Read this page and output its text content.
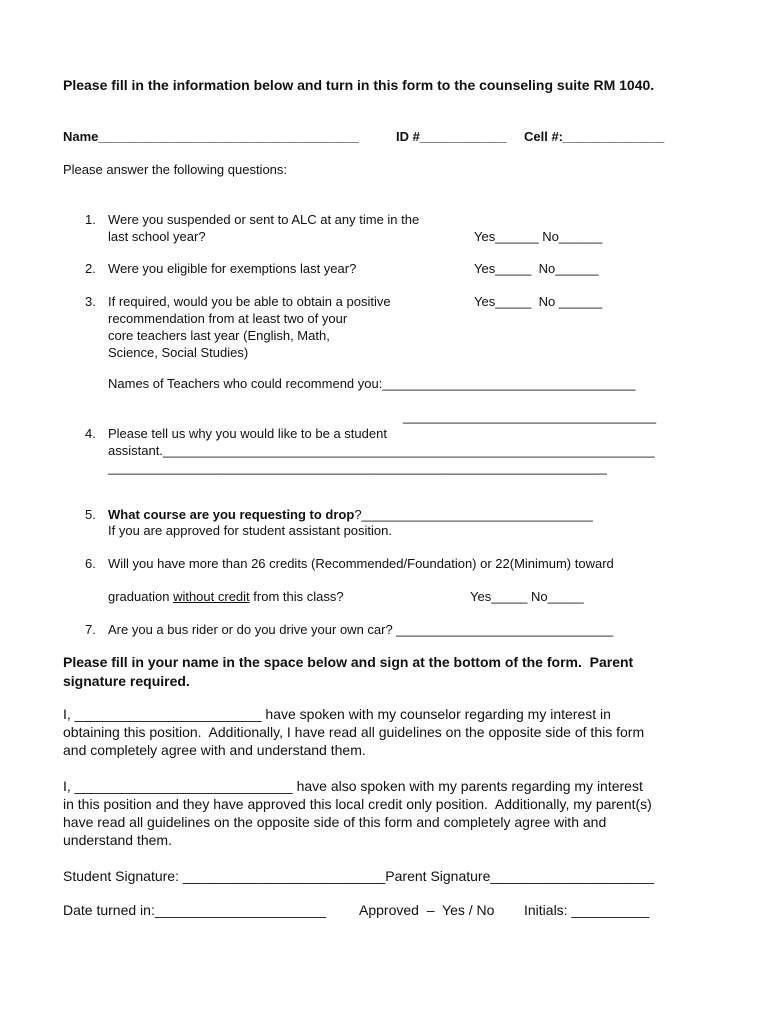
Please fill in the information below and turn in this form to the counseling suite RM 1040.
Name____________________________________	ID #____________ Cell #:______________
Please answer the following questions:
1. Were you suspended or sent to ALC at any time in the
last school year?	Yes______ No______
2. Were you eligible for exemptions last year?	Yes_____  No______
3. If required, would you be able to obtain a positive
recommendation from at least two of your
core teachers last year (English, Math,
Science, Social Studies)
Yes_____  No ______
Names of Teachers who could recommend you:___________________________________
___________________________________
4. Please tell us why you would like to be a student
assistant.____________________________________________________________________
_____________________________________________________________________
5. What course are you requesting to drop?________________________________
If you are approved for student assistant position.
6. Will you have more than 26 credits (Recommended/Foundation) or 22(Minimum) toward
graduation without credit from this class?	Yes_____ No_____
7. Are you a bus rider or do you drive your own car? ______________________________
Please fill in your name in the space below and sign at the bottom of the form.  Parent
signature required.
I, ________________________ have spoken with my counselor regarding my interest in
obtaining this position.  Additionally, I have read all guidelines on the opposite side of this form
and completely agree with and understand them.
I, ____________________________ have also spoken with my parents regarding my interest
in this position and they have approved this local credit only position.  Additionally, my parent(s)
have read all guidelines on the opposite side of this form and completely agree with and
understand them.
Student Signature: __________________________Parent Signature_____________________
Date turned in:______________________ Approved  –  Yes / No Initials: __________
